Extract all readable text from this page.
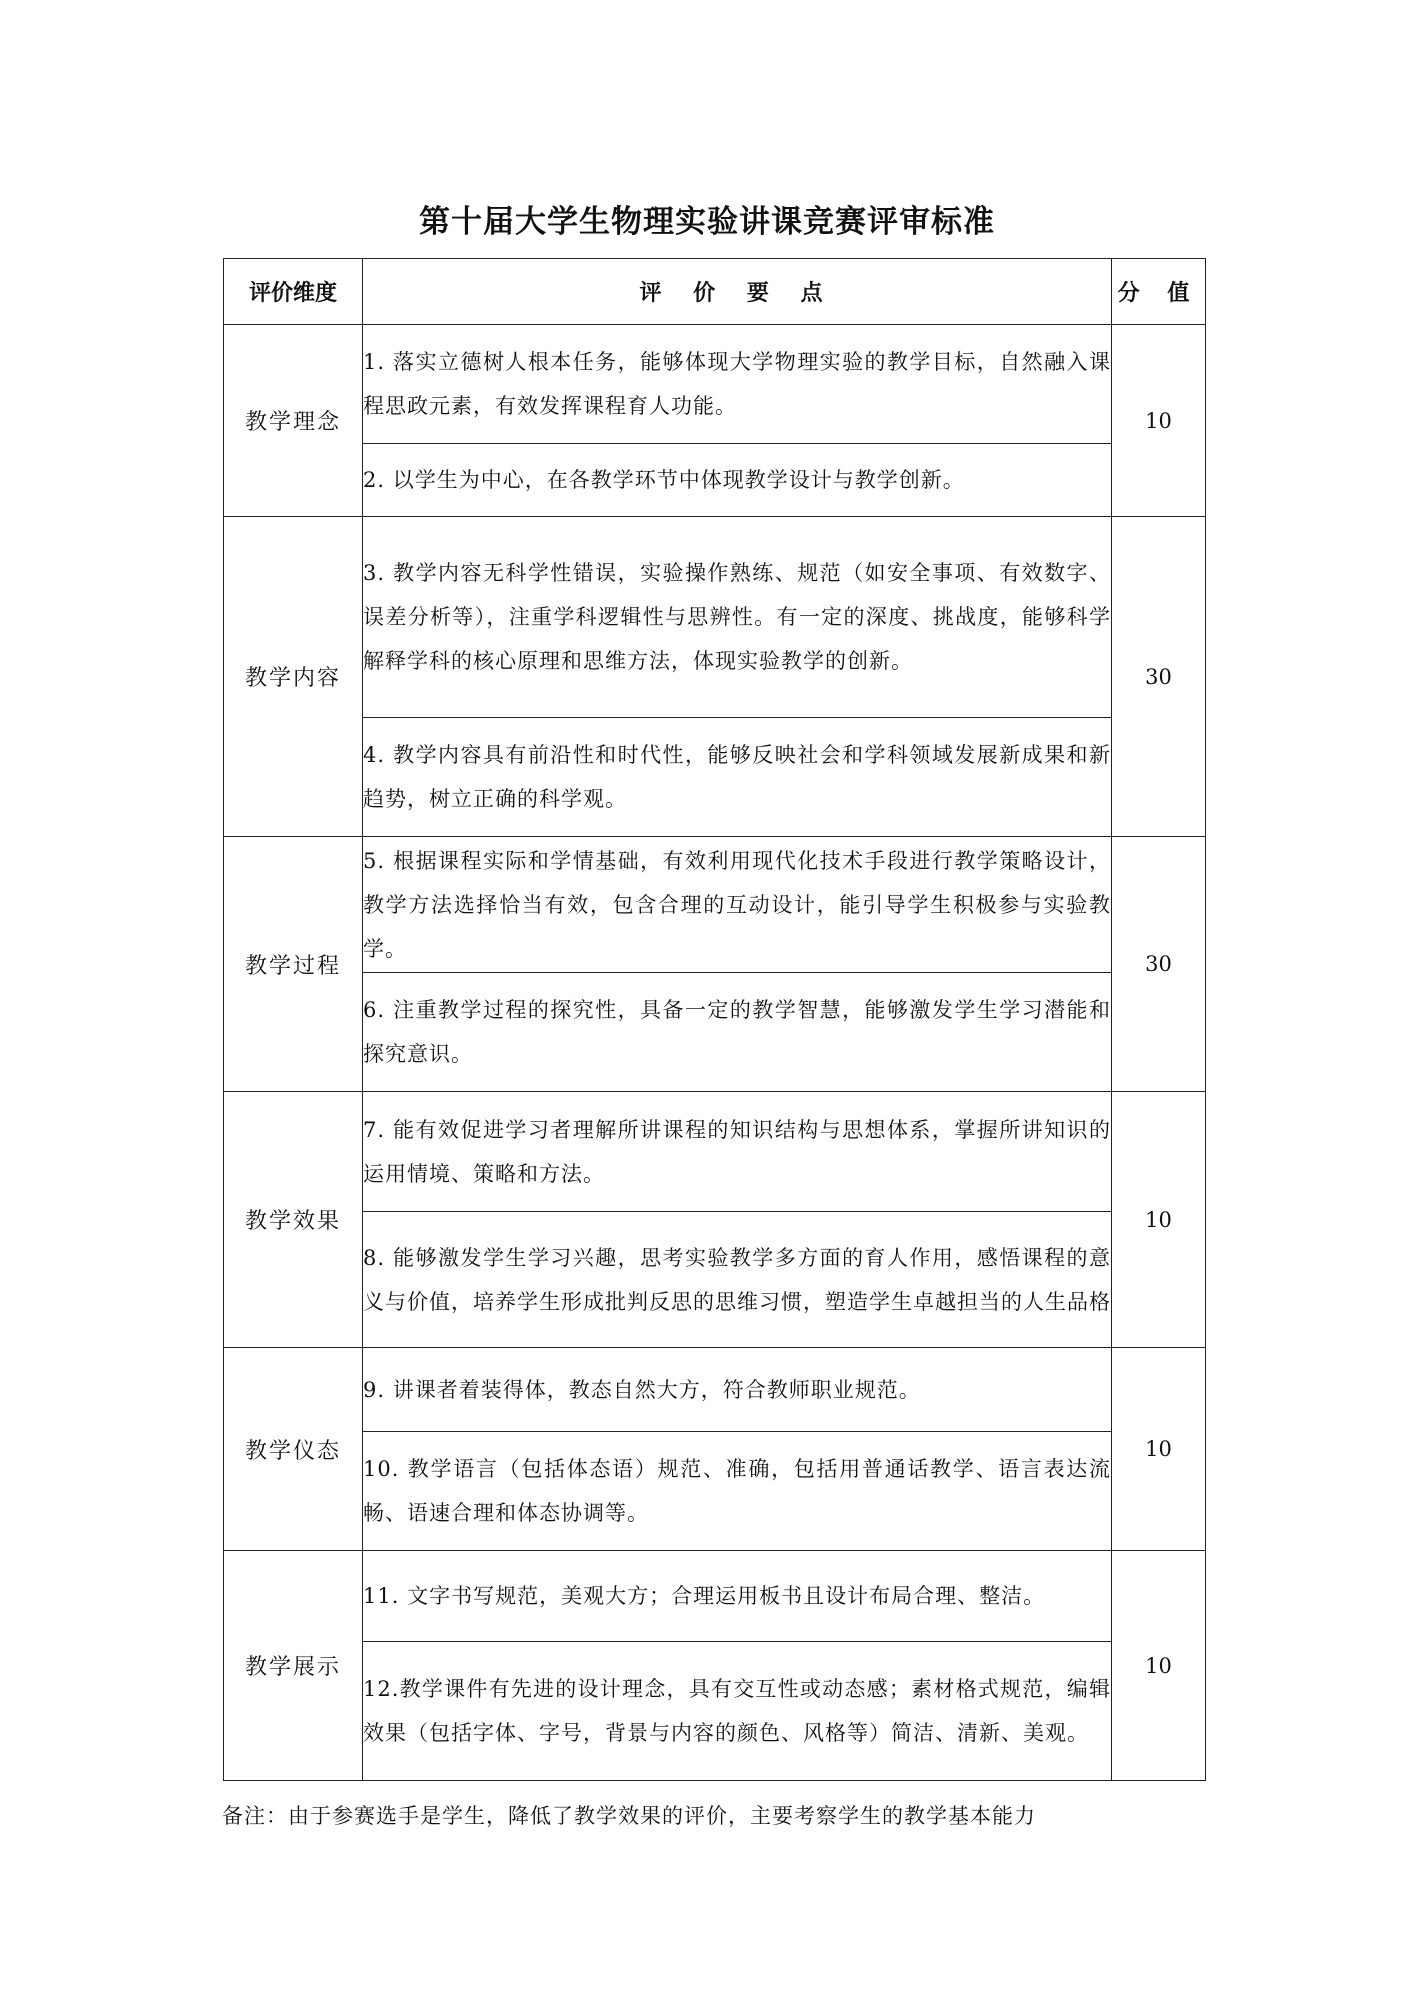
第十届大学生物理实验讲课竞赛评审标准
评价维度	评 价 要 点	分 值
教学理念	1. 落实立德树人根本任务，能够体现大学物理实验的教学目标，自然融入课程思政元素，有效发挥课程育人功能。	10
	2. 以学生为中心，在各教学环节中体现教学设计与教学创新。	
教学内容	3. 教学内容无科学性错误，实验操作熟练、规范（如安全事项、有效数字、误差分析等），注重学科逻辑性与思辨性。有一定的深度、挑战度，能够科学解释学科的核心原理和思维方法，体现实验教学的创新。	30
	4. 教学内容具有前沿性和时代性，能够反映社会和学科领域发展新成果和新趋势，树立正确的科学观。	
教学过程	5. 根据课程实际和学情基础，有效利用现代化技术手段进行教学策略设计，教学方法选择恰当有效，包含合理的互动设计，能引导学生积极参与实验教学。	30
	6. 注重教学过程的探究性，具备一定的教学智慧，能够激发学生学习潜能和探究意识。	
教学效果	7. 能有效促进学习者理解所讲课程的知识结构与思想体系，掌握所讲知识的运用情境、策略和方法。	10
	8. 能够激发学生学习兴趣，思考实验教学多方面的育人作用，感悟课程的意义与价值，培养学生形成批判反思的思维习惯，塑造学生卓越担当的人生品格	
教学仪态	9. 讲课者着装得体，教态自然大方，符合教师职业规范。	10
	10. 教学语言（包括体态语）规范、准确，包括用普通话教学、语言表达流畅、语速合理和体态协调等。	
教学展示	11. 文字书写规范，美观大方；合理运用板书且设计布局合理、整洁。	10
	12.教学课件有先进的设计理念，具有交互性或动态感；素材格式规范，编辑效果（包括字体、字号，背景与内容的颜色、风格等）简洁、清新、美观。	
备注：由于参赛选手是学生，降低了教学效果的评价，主要考察学生的教学基本能力
